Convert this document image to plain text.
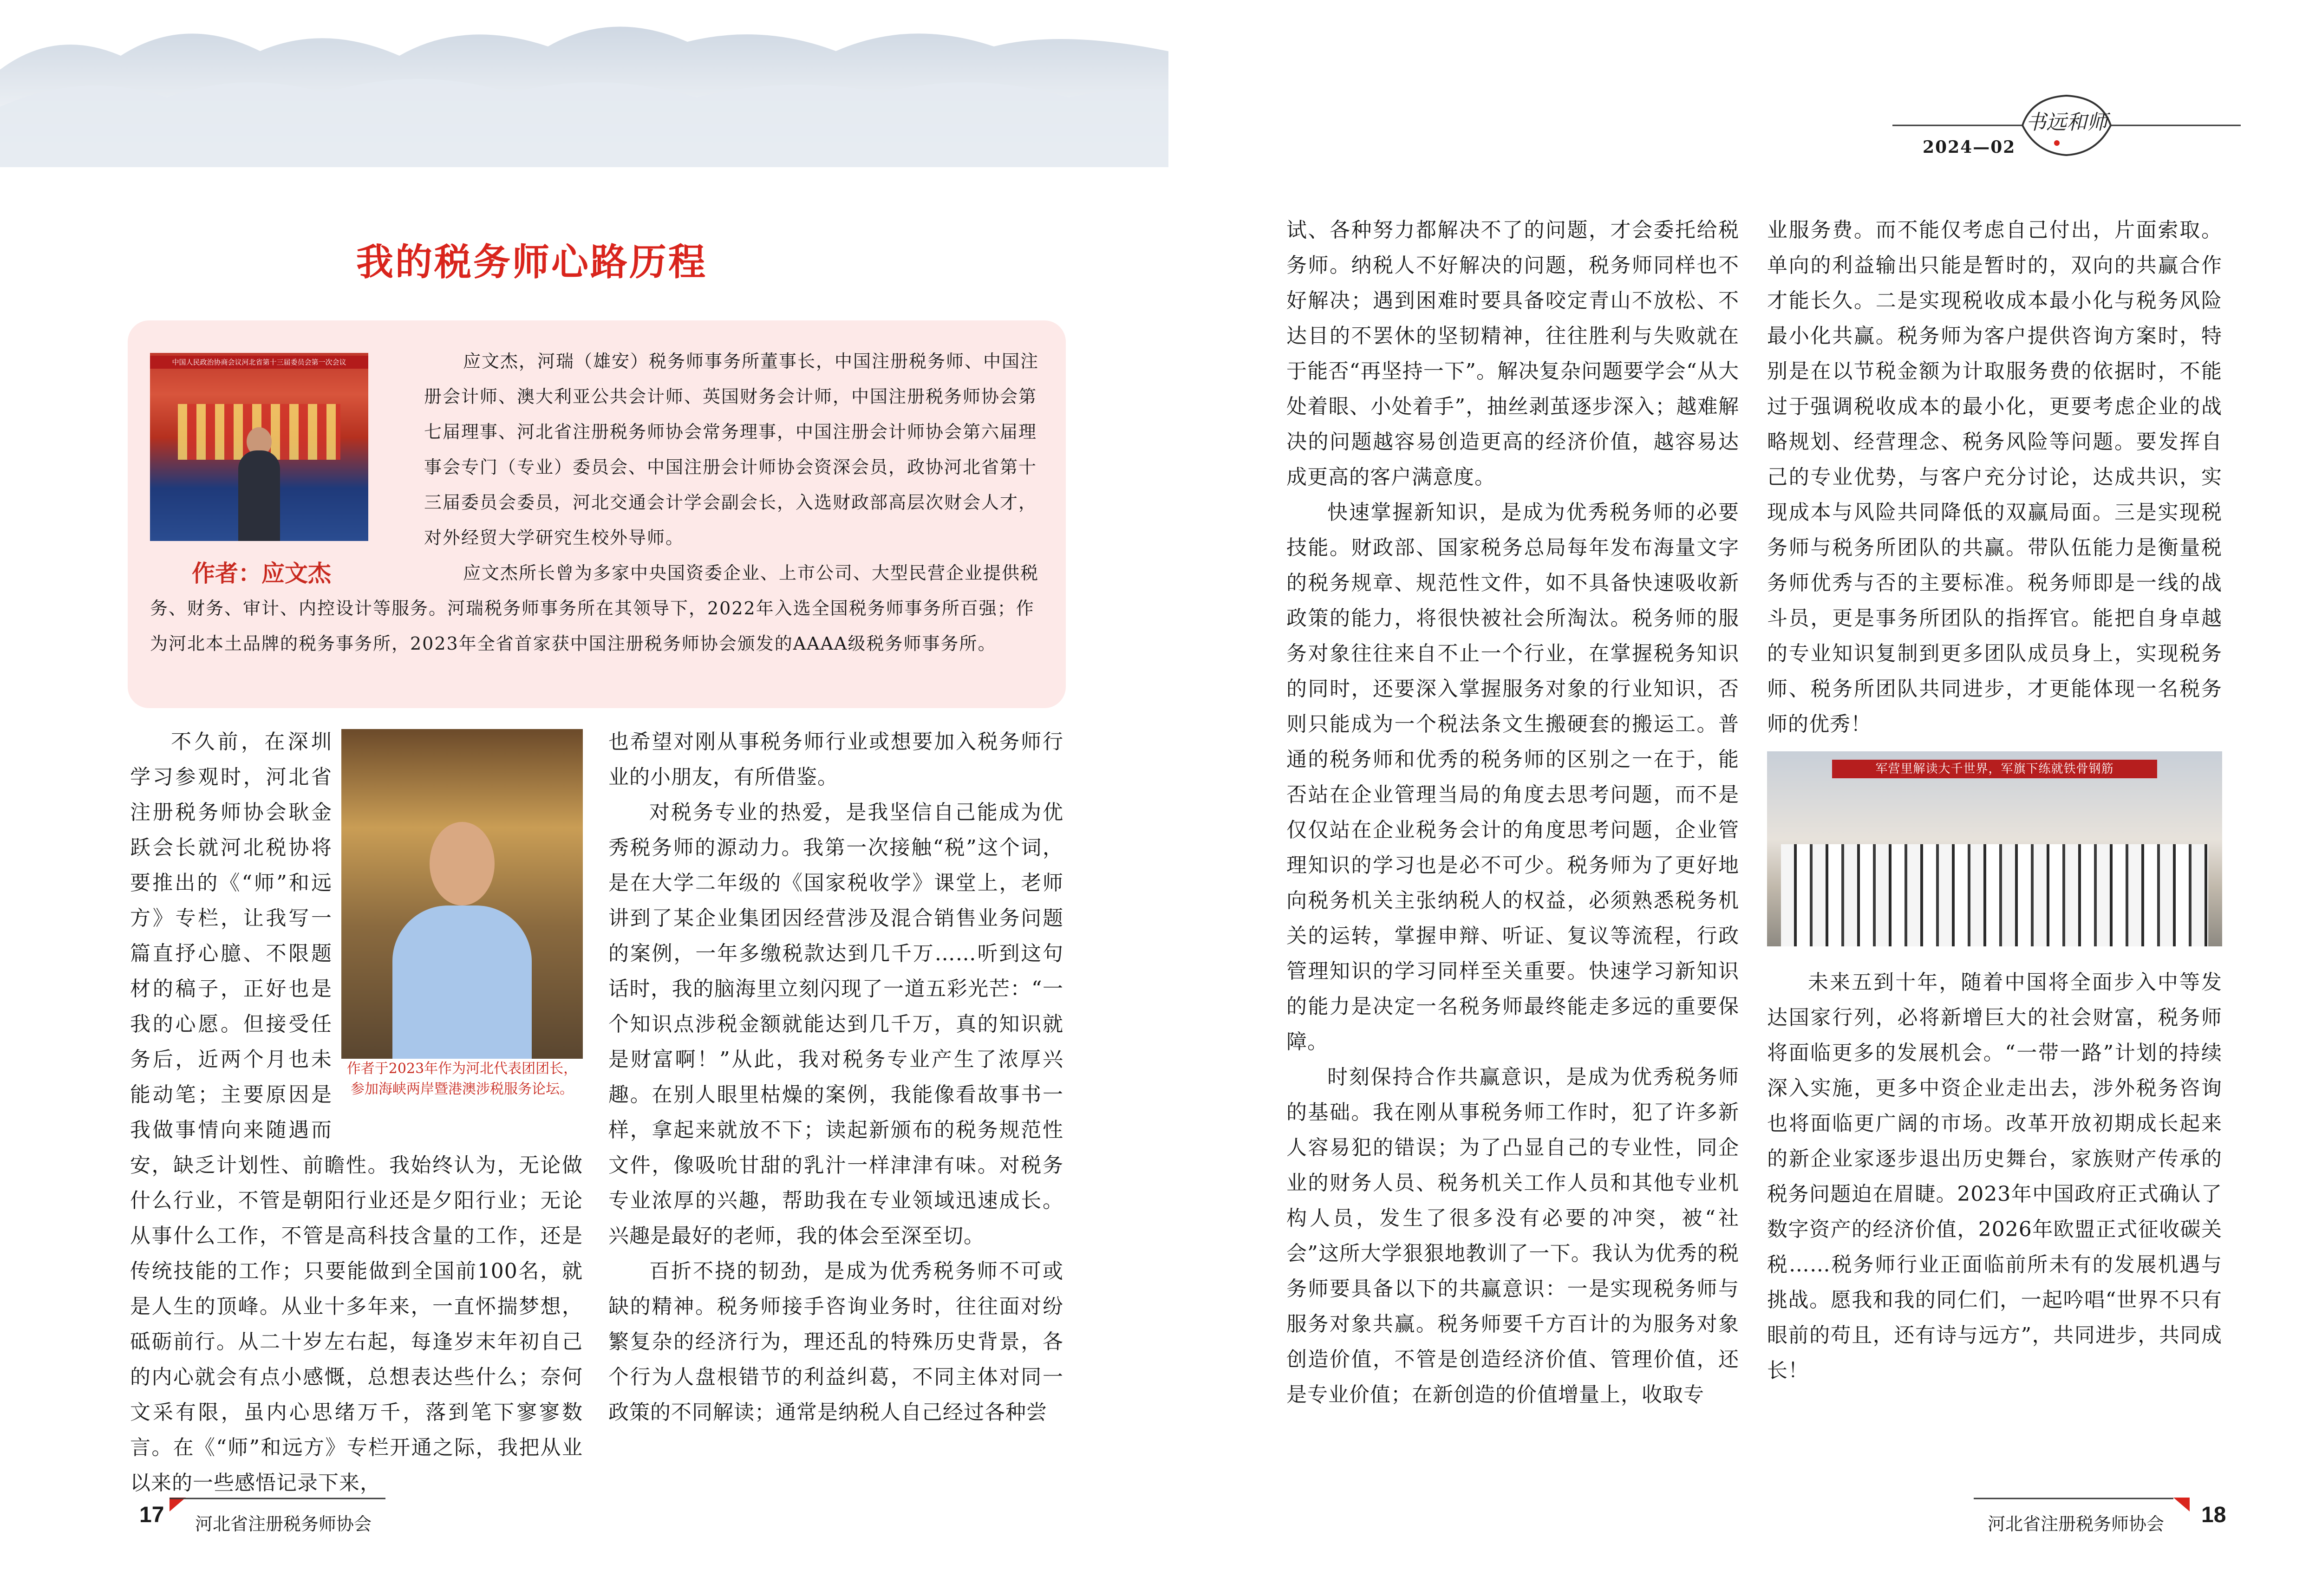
我的税务师心路历程
中国人民政治协商会议河北省第十三届委员会第一次会议
作者：应文杰

应文杰，河瑞（雄安）税务师事务所董事长，中国注册税务师、中国注册会计师、澳大利亚公共会计师、英国财务会计师，中国注册税务师协会第七届理事、河北省注册税务师协会常务理事，中国注册会计师协会第六届理事会专门（专业）委员会、中国注册会计师协会资深会员，政协河北省第十三届委员会委员，河北交通会计学会副会长，入选财政部高层次财会人才，对外经贸大学研究生校外导师。

应文杰所长曾为多家中央国资委企业、上市公司、大型民营企业提供税务、财务、审计、内控设计等服务。河瑞税务师事务所在其领导下，2022年入选全国税务师事务所百强；作为河北本土品牌的税务事务所，2023年全省首家获中国注册税务师协会颁发的AAAA级税务师事务所。

作者于2023年作为河北代表团团长，参加海峡两岸暨港澳涉税服务论坛。

不久前，在深圳学习参观时，河北省注册税务师协会耿金跃会长就河北税协将要推出的《“师”和远方》专栏，让我写一篇直抒心臆、不限题材的稿子，正好也是我的心愿。但接受任务后，近两个月也未能动笔；主要原因是我做事情向来随遇而安，缺乏计划性、前瞻性。我始终认为，无论做什么行业，不管是朝阳行业还是夕阳行业；无论从事什么工作，不管是高科技含量的工作，还是传统技能的工作；只要能做到全国前100名，就是人生的顶峰。从业十多年来，一直怀揣梦想，砥砺前行。从二十岁左右起，每逢岁末年初自己的内心就会有点小感慨，总想表达些什么；奈何文采有限，虽内心思绪万千，落到笔下寥寥数言。在《“师”和远方》专栏开通之际，我把从业以来的一些感悟记录下来，

也希望对刚从事税务师行业或想要加入税务师行业的小朋友，有所借鉴。

对税务专业的热爱，是我坚信自己能成为优秀税务师的源动力。我第一次接触“税”这个词，是在大学二年级的《国家税收学》课堂上，老师讲到了某企业集团因经营涉及混合销售业务问题的案例，一年多缴税款达到几千万……听到这句话时，我的脑海里立刻闪现了一道五彩光芒：“一个知识点涉税金额就能达到几千万，真的知识就是财富啊！”从此，我对税务专业产生了浓厚兴趣。在别人眼里枯燥的案例，我能像看故事书一样，拿起来就放不下；读起新颁布的税务规范性文件，像吸吮甘甜的乳汁一样津津有味。对税务专业浓厚的兴趣，帮助我在专业领域迅速成长。兴趣是最好的老师，我的体会至深至切。

百折不挠的韧劲，是成为优秀税务师不可或缺的精神。税务师接手咨询业务时，往往面对纷繁复杂的经济行为，理还乱的特殊历史背景，各个行为人盘根错节的利益纠葛，不同主体对同一政策的不同解读；通常是纳税人自己经过各种尝

17 河北省注册税务师协会

试、各种努力都解决不了的问题，才会委托给税务师。纳税人不好解决的问题，税务师同样也不好解决；遇到困难时要具备咬定青山不放松、不达目的不罢休的坚韧精神，往往胜利与失败就在于能否“再坚持一下”。解决复杂问题要学会“从大处着眼、小处着手”，抽丝剥茧逐步深入；越难解决的问题越容易创造更高的经济价值，越容易达成更高的客户满意度。

快速掌握新知识，是成为优秀税务师的必要技能。财政部、国家税务总局每年发布海量文字的税务规章、规范性文件，如不具备快速吸收新政策的能力，将很快被社会所淘汰。税务师的服务对象往往来自不止一个行业，在掌握税务知识的同时，还要深入掌握服务对象的行业知识，否则只能成为一个税法条文生搬硬套的搬运工。普通的税务师和优秀的税务师的区别之一在于，能否站在企业管理当局的角度去思考问题，而不是仅仅站在企业税务会计的角度思考问题，企业管理知识的学习也是必不可少。税务师为了更好地向税务机关主张纳税人的权益，必须熟悉税务机关的运转，掌握申辩、听证、复议等流程，行政管理知识的学习同样至关重要。快速学习新知识的能力是决定一名税务师最终能走多远的重要保障。

时刻保持合作共赢意识，是成为优秀税务师的基础。我在刚从事税务师工作时，犯了许多新人容易犯的错误；为了凸显自己的专业性，同企业的财务人员、税务机关工作人员和其他专业机构人员，发生了很多没有必要的冲突，被“社会”这所大学狠狠地教训了一下。我认为优秀的税务师要具备以下的共赢意识：一是实现税务师与服务对象共赢。税务师要千方百计的为服务对象创造价值，不管是创造经济价值、管理价值，还是专业价值；在新创造的价值增量上，收取专

业服务费。而不能仅考虑自己付出，片面索取。单向的利益输出只能是暂时的，双向的共赢合作才能长久。二是实现税收成本最小化与税务风险最小化共赢。税务师为客户提供咨询方案时，特别是在以节税金额为计取服务费的依据时，不能过于强调税收成本的最小化，更要考虑企业的战略规划、经营理念、税务风险等问题。要发挥自己的专业优势，与客户充分讨论，达成共识，实现成本与风险共同降低的双赢局面。三是实现税务师与税务所团队的共赢。带队伍能力是衡量税务师优秀与否的主要标准。税务师即是一线的战斗员，更是事务所团队的指挥官。能把自身卓越的专业知识复制到更多团队成员身上，实现税务师、税务所团队共同进步，才更能体现一名税务师的优秀！

军营里解读大千世界，军旗下练就铁骨钢筋

未来五到十年，随着中国将全面步入中等发达国家行列，必将新增巨大的社会财富，税务师将面临更多的发展机会。“一带一路”计划的持续深入实施，更多中资企业走出去，涉外税务咨询也将面临更广阔的市场。改革开放初期成长起来的新企业家逐步退出历史舞台，家族财产传承的税务问题迫在眉睫。2023年中国政府正式确认了数字资产的经济价值，2026年欧盟正式征收碳关税……税务师行业正面临前所未有的发展机遇与挑战。愿我和我的同仁们，一起吟唱“世界不只有眼前的苟且，还有诗与远方”，共同进步，共同成长！

书远和师
2024—02
河北省注册税务师协会 18
